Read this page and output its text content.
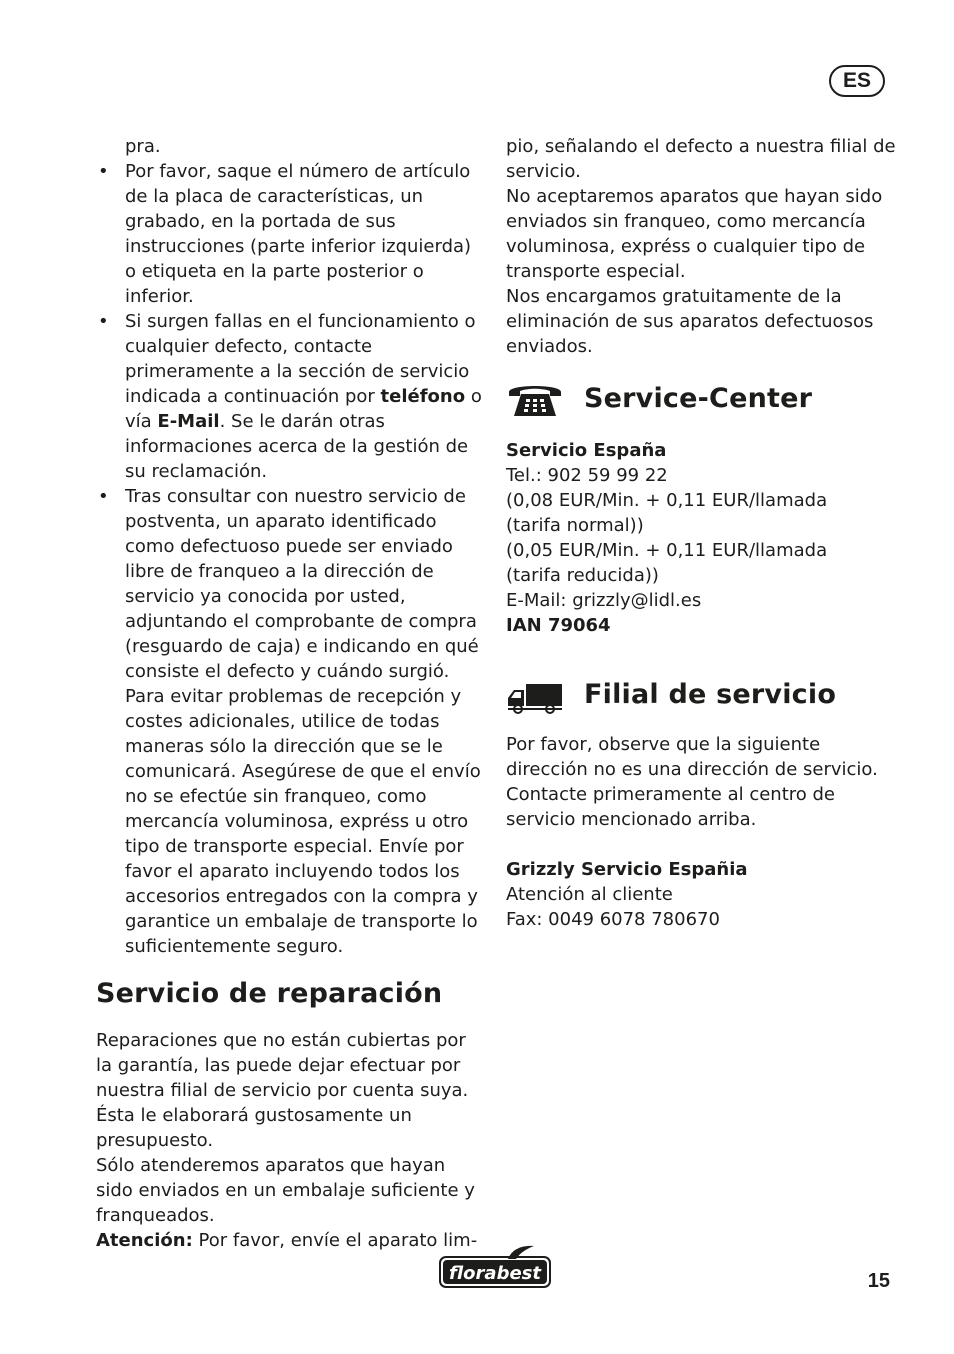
ES

pra.

• Por favor, saque el número de artículo de la placa de características, un grabado, en la portada de sus instrucciones (parte inferior izquierda) o etiqueta en la parte posterior o inferior.
• Si surgen fallas en el funcionamiento o cualquier defecto, contacte primeramente a la sección de servicio indicada a continuación por teléfono o vía E-Mail. Se le darán otras informaciones acerca de la gestión de su reclamación.
• Tras consultar con nuestro servicio de postventa, un aparato identificado como defectuoso puede ser enviado libre de franqueo a la dirección de servicio ya conocida por usted, adjuntando el comprobante de compra (resguardo de caja) e indicando en qué consiste el defecto y cuándo surgió. Para evitar problemas de recepción y costes adicionales, utilice de todas maneras sólo la dirección que se le comunicará. Asegúrese de que el envío no se efectúe sin franqueo, como mercancía voluminosa, expréss u otro tipo de transporte especial. Envíe por favor el aparato incluyendo todos los accesorios entregados con la compra y garantice un embalaje de transporte lo suficientemente seguro.
Servicio de reparación

Reparaciones que no están cubiertas por la garantía, las puede dejar efectuar por nuestra filial de servicio por cuenta suya. Ésta le elaborará gustosamente un presupuesto.

Sólo atenderemos aparatos que hayan sido enviados en un embalaje suficiente y franqueados.

Atención: Por favor, envíe el aparato lim-

pio, señalando el defecto a nuestra filial de servicio.

No aceptaremos aparatos que hayan sido enviados sin franqueo, como mercancía voluminosa, expréss o cualquier tipo de transporte especial.

Nos encargamos gratuitamente de la eliminación de sus aparatos defectuosos enviados.

Service-Center

Servicio España

Tel.: 902 59 99 22

(0,08 EUR/Min. + 0,11 EUR/llamada

(tarifa normal))

(0,05 EUR/Min. + 0,11 EUR/llamada

(tarifa reducida))

E-Mail: grizzly@lidl.es

IAN 79064

Filial de servicio

Por favor, observe que la siguiente dirección no es una dirección de servicio. Contacte primeramente al centro de servicio mencionado arriba.

Grizzly Servicio Españia

Atención al cliente

Fax: 0049 6078 780670

florabest	15
